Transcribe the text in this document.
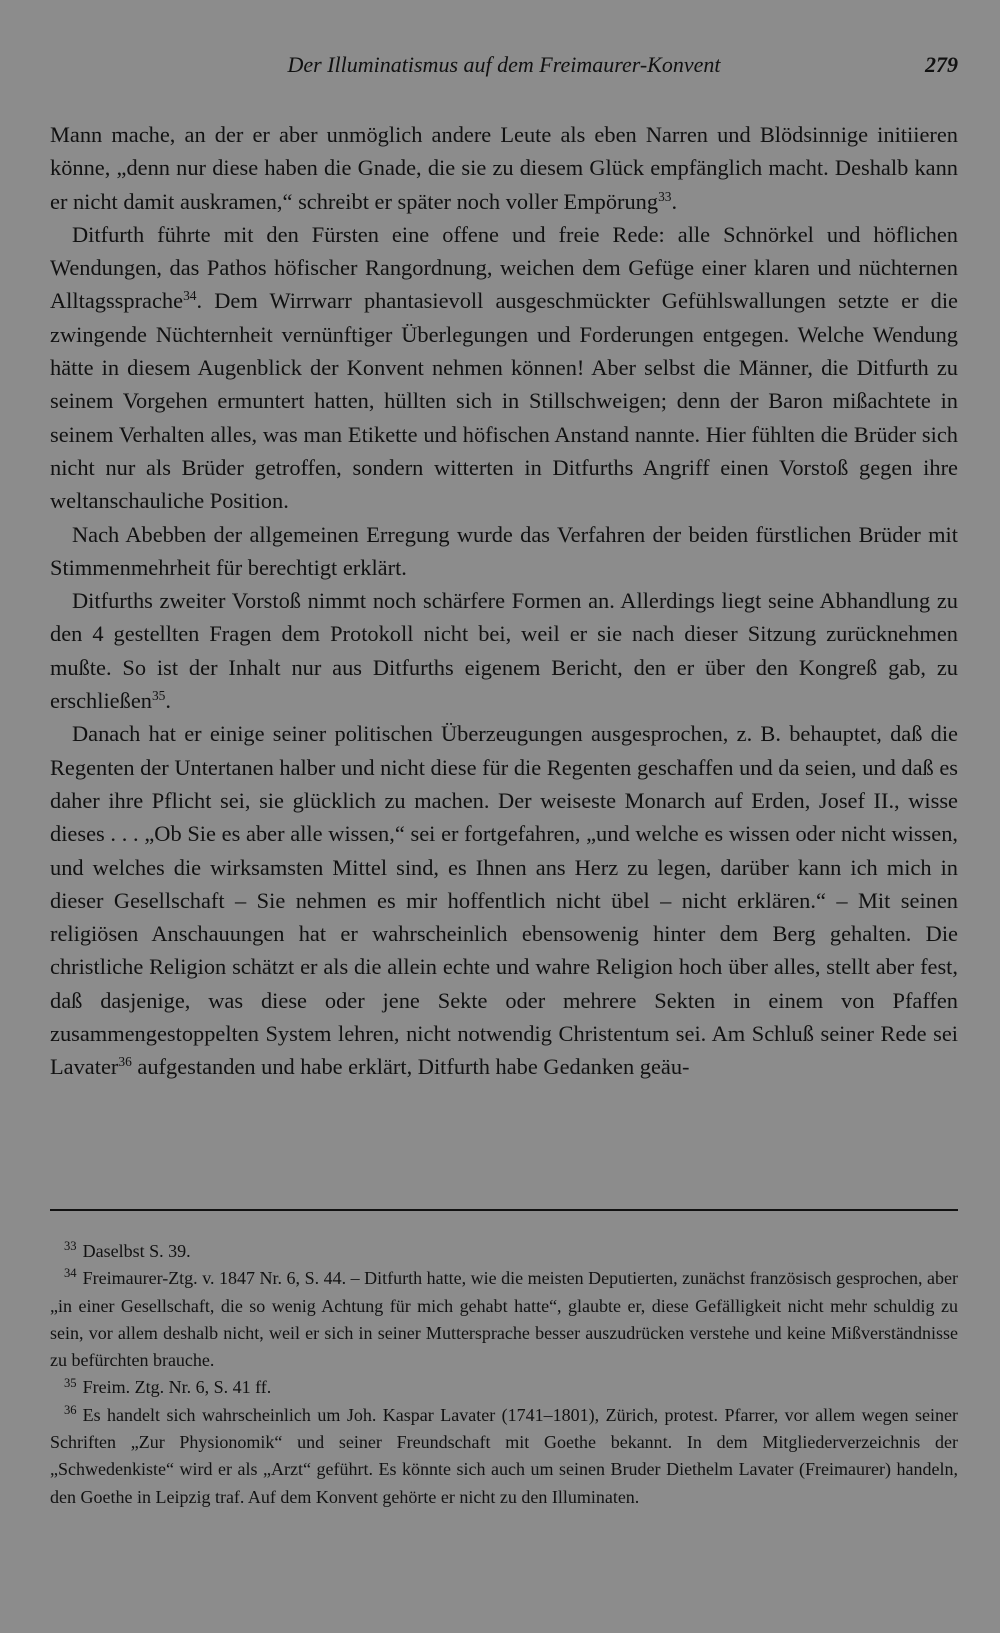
Der Illuminatismus auf dem Freimaurer-Konvent	279

Mann mache, an der er aber unmöglich andere Leute als eben Narren und Blödsinnige initiieren könne, „denn nur diese haben die Gnade, die sie zu diesem Glück empfänglich macht. Deshalb kann er nicht damit auskramen,“ schreibt er später noch voller Empörung$^{33}$.

Ditfurth führte mit den Fürsten eine offene und freie Rede: alle Schnörkel und höflichen Wendungen, das Pathos höfischer Rangordnung, weichen dem Gefüge einer klaren und nüchternen Alltagssprache$^{34}$. Dem Wirrwarr phantasievoll ausgeschmückter Gefühlswallungen setzte er die zwingende Nüchternheit vernünftiger Überlegungen und Forderungen entgegen. Welche Wendung hätte in diesem Augenblick der Konvent nehmen können! Aber selbst die Männer, die Ditfurth zu seinem Vorgehen ermuntert hatten, hüllten sich in Stillschweigen; denn der Baron mißachtete in seinem Verhalten alles, was man Etikette und höfischen Anstand nannte. Hier fühlten die Brüder sich nicht nur als Brüder getroffen, sondern witterten in Ditfurths Angriff einen Vorstoß gegen ihre weltanschauliche Position.

Nach Abebben der allgemeinen Erregung wurde das Verfahren der beiden fürstlichen Brüder mit Stimmenmehrheit für berechtigt erklärt.

Ditfurths zweiter Vorstoß nimmt noch schärfere Formen an. Allerdings liegt seine Abhandlung zu den 4 gestellten Fragen dem Protokoll nicht bei, weil er sie nach dieser Sitzung zurücknehmen mußte. So ist der Inhalt nur aus Ditfurths eigenem Bericht, den er über den Kongreß gab, zu erschließen$^{35}$.

Danach hat er einige seiner politischen Überzeugungen ausgesprochen, z. B. behauptet, daß die Regenten der Untertanen halber und nicht diese für die Regenten geschaffen und da seien, und daß es daher ihre Pflicht sei, sie glücklich zu machen. Der weiseste Monarch auf Erden, Josef II., wisse dieses . . . „Ob Sie es aber alle wissen,“ sei er fortgefahren, „und welche es wissen oder nicht wissen, und welches die wirksamsten Mittel sind, es Ihnen ans Herz zu legen, darüber kann ich mich in dieser Gesellschaft – Sie nehmen es mir hoffentlich nicht übel – nicht erklären.“ – Mit seinen religiösen Anschauungen hat er wahrscheinlich ebensowenig hinter dem Berg gehalten. Die christliche Religion schätzt er als die allein echte und wahre Religion hoch über alles, stellt aber fest, daß dasjenige, was diese oder jene Sekte oder mehrere Sekten in einem von Pfaffen zusammengestoppelten System lehren, nicht notwendig Christentum sei. Am Schluß seiner Rede sei Lavater$^{36}$ aufgestanden und habe erklärt, Ditfurth habe Gedanken geäu-

$^{33}$ Daselbst S. 39.

$^{34}$ Freimaurer-Ztg. v. 1847 Nr. 6, S. 44. – Ditfurth hatte, wie die meisten Deputierten, zunächst französisch gesprochen, aber „in einer Gesellschaft, die so wenig Achtung für mich gehabt hatte“, glaubte er, diese Gefälligkeit nicht mehr schuldig zu sein, vor allem deshalb nicht, weil er sich in seiner Muttersprache besser auszudrücken verstehe und keine Mißverständnisse zu befürchten brauche.

$^{35}$ Freim. Ztg. Nr. 6, S. 41 ff.

$^{36}$ Es handelt sich wahrscheinlich um Joh. Kaspar Lavater (1741–1801), Zürich, protest. Pfarrer, vor allem wegen seiner Schriften „Zur Physionomik“ und seiner Freundschaft mit Goethe bekannt. In dem Mitgliederverzeichnis der „Schwedenkiste“ wird er als „Arzt“ geführt. Es könnte sich auch um seinen Bruder Diethelm Lavater (Freimaurer) handeln, den Goethe in Leipzig traf. Auf dem Konvent gehörte er nicht zu den Illuminaten.
